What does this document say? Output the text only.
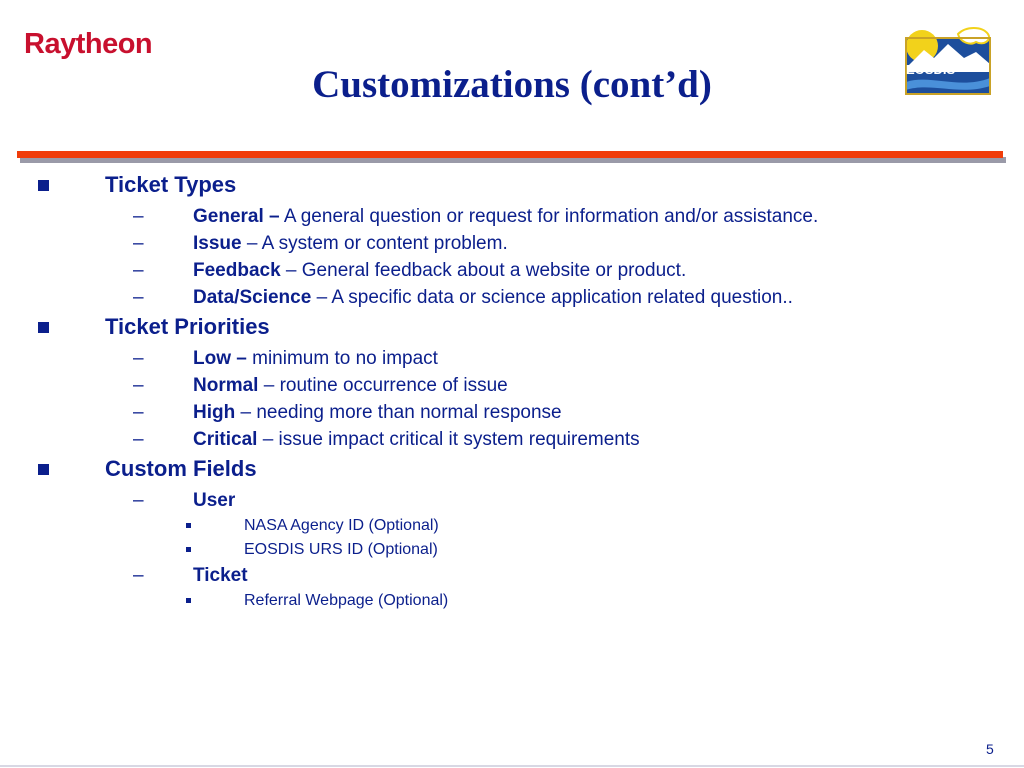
Raytheon
Customizations (cont’d)	EOSDIS
Ticket Types
–	General – A general question or request for information and/or assistance.
–	Issue – A system or content problem.
–	Feedback – General feedback about a website or product.
–	Data/Science – A specific data or science application related question..
Ticket Priorities
–	Low – minimum to no impact
–	Normal – routine occurrence of issue
–	High – needing more than normal response
–	Critical – issue impact critical it system requirements
Custom Fields
–	User
NASA Agency ID (Optional)
EOSDIS URS ID (Optional)
–	Ticket
Referral Webpage (Optional)
5
